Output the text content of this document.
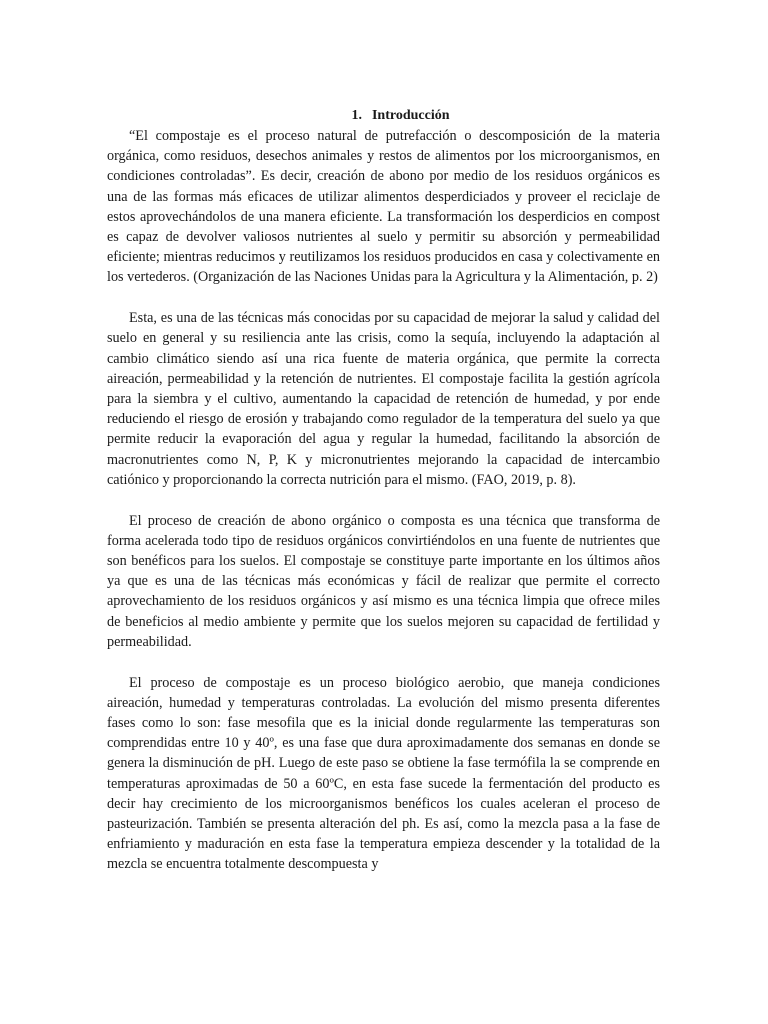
1. Introducción

“El compostaje es el proceso natural de putrefacción o descomposición de la materia orgánica, como residuos, desechos animales y restos de alimentos por los microorganismos, en condiciones controladas”. Es decir, creación de abono por medio de los residuos orgánicos es una de las formas más eficaces de utilizar alimentos desperdiciados y proveer el reciclaje de estos aprovechándolos de una manera eficiente. La transformación los desperdicios en compost es capaz de devolver valiosos nutrientes al suelo y permitir su absorción y permeabilidad eficiente; mientras reducimos y reutilizamos los residuos producidos en casa y colectivamente en los vertederos. (Organización de las Naciones Unidas para la Agricultura y la Alimentación, p. 2)

Esta, es una de las técnicas más conocidas por su capacidad de mejorar la salud y calidad del suelo en general y su resiliencia ante las crisis, como la sequía, incluyendo la adaptación al cambio climático siendo así una rica fuente de materia orgánica, que permite la correcta aireación, permeabilidad y la retención de nutrientes. El compostaje facilita la gestión agrícola para la siembra y el cultivo, aumentando la capacidad de retención de humedad, y por ende reduciendo el riesgo de erosión y trabajando como regulador de la temperatura del suelo ya que permite reducir la evaporación del agua y regular la humedad, facilitando la absorción de macronutrientes como N, P, K y micronutrientes mejorando la capacidad de intercambio catiónico y proporcionando la correcta nutrición para el mismo. (FAO, 2019, p. 8).

El proceso de creación de abono orgánico o composta es una técnica que transforma de forma acelerada todo tipo de residuos orgánicos convirtiéndolos en una fuente de nutrientes que son benéficos para los suelos. El compostaje se constituye parte importante en los últimos años ya que es una de las técnicas más económicas y fácil de realizar que permite el correcto aprovechamiento de los residuos orgánicos y así mismo es una técnica limpia que ofrece miles de beneficios al medio ambiente y permite que los suelos mejoren su capacidad de fertilidad y permeabilidad.

El proceso de compostaje es un proceso biológico aerobio, que maneja condiciones aireación, humedad y temperaturas controladas. La evolución del mismo presenta diferentes fases como lo son: fase mesofila que es la inicial donde regularmente las temperaturas son comprendidas entre 10 y 40º, es una fase que dura aproximadamente dos semanas en donde se genera la disminución de pH. Luego de este paso se obtiene la fase termófila la se comprende en temperaturas aproximadas de 50 a 60ºC, en esta fase sucede la fermentación del producto es decir hay crecimiento de los microorganismos benéficos los cuales aceleran el proceso de pasteurización. También se presenta alteración del ph. Es así, como la mezcla pasa a la fase de enfriamiento y maduración en esta fase la temperatura empieza descender y la totalidad de la mezcla se encuentra totalmente descompuesta y
